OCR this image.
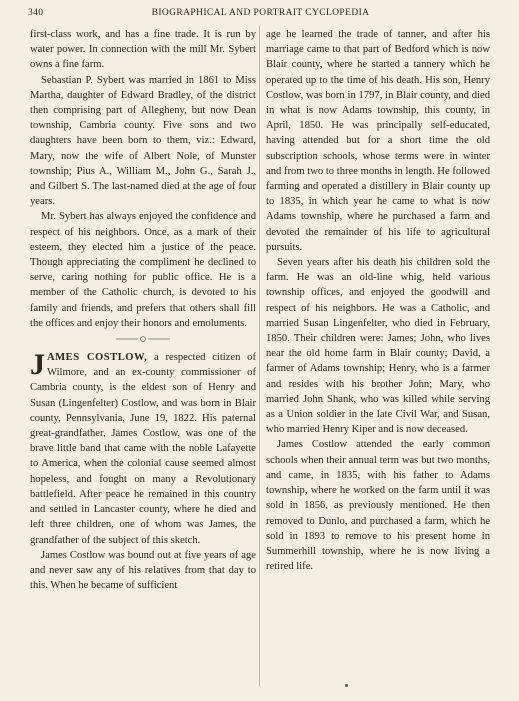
340	BIOGRAPHICAL AND PORTRAIT CYCLOPEDIA

first-class work, and has a fine trade. It is run by water power. In connection with the mill Mr. Sybert owns a fine farm.

Sebastian P. Sybert was married in 1861 to Miss Martha, daughter of Edward Bradley, of the district then comprising part of Allegheny, but now Dean township, Cambria county. Five sons and two daughters have been born to them, viz.: Edward, Mary, now the wife of Albert Nole, of Munster township; Pius A., William M., John G., Sarah J., and Gilbert S. The last-named died at the age of four years.

Mr. Sybert has always enjoyed the confidence and respect of his neighbors. Once, as a mark of their esteem, they elected him a justice of the peace. Though appreciating the compliment he declined to serve, caring nothing for public office. He is a member of the Catholic church, is devoted to his family and friends, and prefers that others shall fill the offices and enjoy their honors and emoluments.

JAMES COSTLOW, a respected citizen of Wilmore, and an ex-county commissioner of Cambria county, is the eldest son of Henry and Susan (Lingenfelter) Costlow, and was born in Blair county, Pennsylvania, June 19, 1822. His paternal great-grandfather, James Costlow, was one of the brave little band that came with the noble Lafayette to America, when the colonial cause seemed almost hopeless, and fought on many a Revolutionary battlefield. After peace he remained in this country and settled in Lancaster county, where he died and left three children, one of whom was James, the grandfather of the subject of this sketch.

James Costlow was bound out at five years of age and never saw any of his relatives from that day to this. When he became of sufficient

age he learned the trade of tanner, and after his marriage came to that part of Bedford which is now Blair county, where he started a tannery which he operated up to the time of his death. His son, Henry Costlow, was born in 1797, in Blair county, and died in what is now Adams township, this county, in April, 1850. He was principally self-educated, having attended but for a short time the old subscription schools, whose terms were in winter and from two to three months in length. He followed farming and operated a distillery in Blair county up to 1835, in which year he came to what is now Adams township, where he purchased a farm and devoted the remainder of his life to agricultural pursuits.

Seven years after his death his children sold the farm. He was an old-line whig, held various township offices, and enjoyed the goodwill and respect of his neighbors. He was a Catholic, and married Susan Lingenfelter, who died in February, 1850. Their children were: James; John, who lives near the old home farm in Blair county; David, a farmer of Adams township; Henry, who is a farmer and resides with his brother John; Mary, who married John Shank, who was killed while serving as a Union soldier in the late Civil War, and Susan, who married Henry Kiper and is now deceased.

James Costlow attended the early common schools when their annual term was but two months, and came, in 1835, with his father to Adams township, where he worked on the farm until it was sold in 1856, as previously mentioned. He then removed to Dunlo, and purchased a farm, which he sold in 1893 to remove to his present home in Summerhill township, where he is now living a retired life.
